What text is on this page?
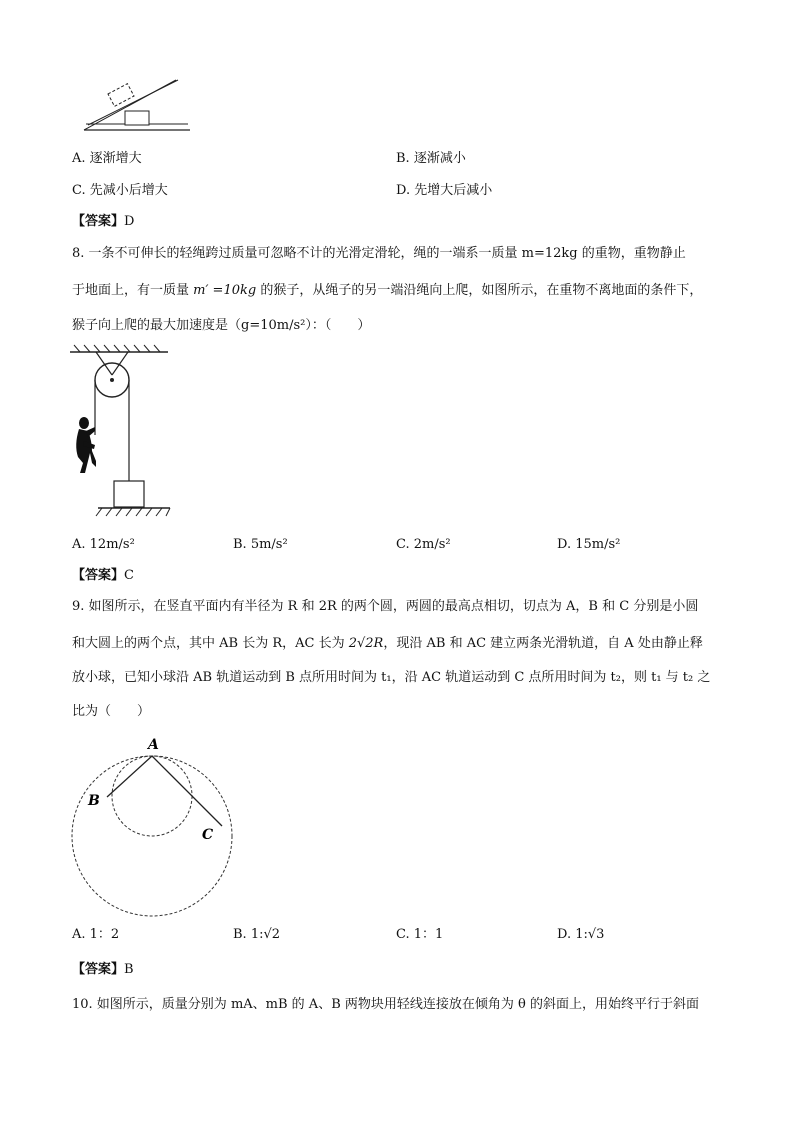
A. 逐渐增大	B. 逐渐减小
C. 先减小后增大	D. 先增大后减小
【答案】D
8. 一条不可伸长的轻绳跨过质量可忽略不计的光滑定滑轮，绳的一端系一质量 m=12kg 的重物，重物静止
于地面上，有一质量 m′ =10kg 的猴子，从绳子的另一端沿绳向上爬，如图所示，在重物不离地面的条件下，
猴子向上爬的最大加速度是（g=10m/s²）：（　　）
A. 12m/s²	B. 5m/s²	C. 2m/s²	D. 15m/s²
【答案】C
9. 如图所示，在竖直平面内有半径为 R 和 2R 的两个圆，两圆的最高点相切，切点为 A，B 和 C 分别是小圆
和大圆上的两个点，其中 AB 长为 R，AC 长为 2√2R，现沿 AB 和 AC 建立两条光滑轨道，自 A 处由静止释
放小球，已知小球沿 AB 轨道运动到 B 点所用时间为 t₁，沿 AC 轨道运动到 C 点所用时间为 t₂，则 t₁ 与 t₂ 之
比为（　　）
A
B
C
A. 1：2	B. 1:√2	C. 1：1	D. 1:√3
【答案】B
10. 如图所示，质量分别为 mA、mB 的 A、B 两物块用轻线连接放在倾角为 θ 的斜面上，用始终平行于斜面
